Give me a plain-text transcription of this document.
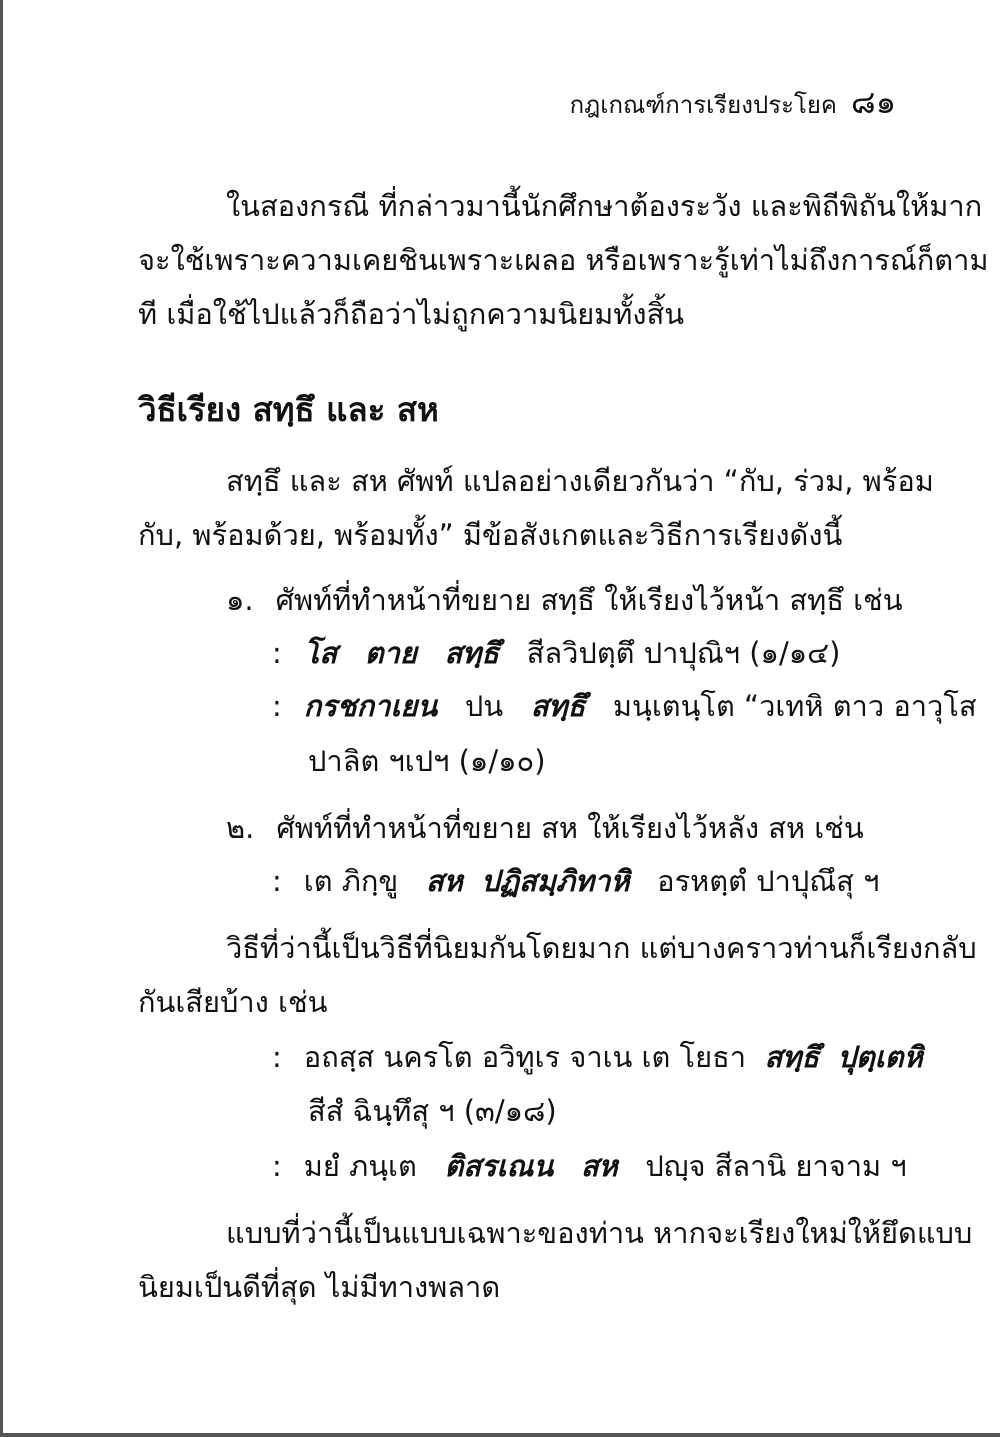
กฎเกณฑ์การเรียงประโยค ๘๑
ในสองกรณี ที่กล่าวมานี้นักศึกษาต้องระวัง และพิถีพิถันให้มาก
จะใช้เพราะความเคยชินเพราะเผลอ หรือเพราะรู้เท่าไม่ถึงการณ์ก็ตาม
ที เมื่อใช้ไปแล้วก็ถือว่าไม่ถูกความนิยมทั้งสิ้น
วิธีเรียง สทฺธึ และ สห
สทฺธึ และ สห ศัพท์ แปลอย่างเดียวกันว่า “กับ, ร่วม, พร้อม
กับ, พร้อมด้วย, พร้อมทั้ง” มีข้อสังเกตและวิธีการเรียงดังนี้
๑. ศัพท์ที่ทำหน้าที่ขยาย สทฺธึ ให้เรียงไว้หน้า สทฺธึ เช่น
: โส ตาย สทฺธึ สีลวิปตฺตึ ปาปุณิฯ (๑/๑๔)
: กรชกาเยน ปน สทฺธึ มนฺเตนฺโต “วเทหิ ตาว อาวุโส
ปาลิต ฯเปฯ (๑/๑๐)
๒. ศัพท์ที่ทำหน้าที่ขยาย สห ให้เรียงไว้หลัง สห เช่น
: เต ภิกฺขู สห ปฏิสมฺภิทาหิ อรหตฺตํ ปาปุณึสุ ฯ
วิธีที่ว่านี้เป็นวิธีที่นิยมกันโดยมาก แต่บางคราวท่านก็เรียงกลับ
กันเสียบ้าง เช่น
: อถสฺส นครโต อวิทูเร จาเน เต โยธา สทฺธึ ปุตฺเตหิ
สีสํ ฉินฺทึสุ ฯ (๓/๑๘)
: มยํ ภนฺเต ติสรเณน สห ปญฺจ สีลานิ ยาจาม ฯ
แบบที่ว่านี้เป็นแบบเฉพาะของท่าน หากจะเรียงใหม่ให้ยึดแบบ
นิยมเป็นดีที่สุด ไม่มีทางพลาด
